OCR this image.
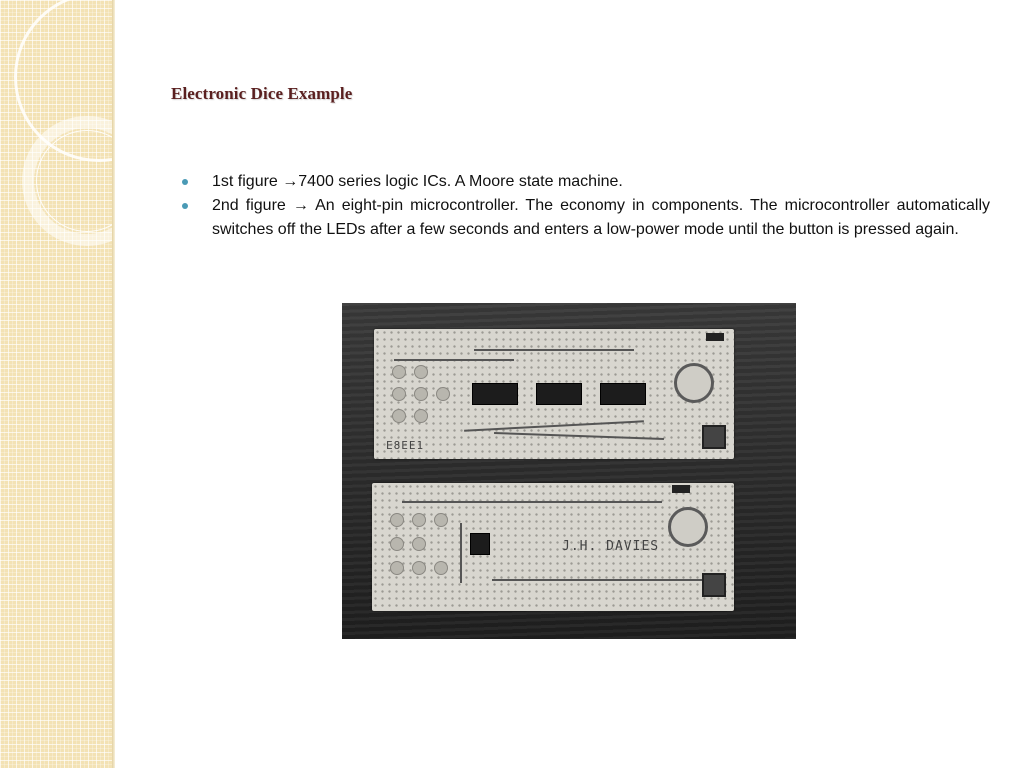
Electronic Dice Example
1st figure →7400 series logic ICs. A Moore state machine.
2nd figure → An eight-pin microcontroller. The economy in components. The microcontroller automatically switches off the LEDs after a few seconds and enters a low-power mode until the button is pressed again.
E8EE1
J.H. DAVIES
